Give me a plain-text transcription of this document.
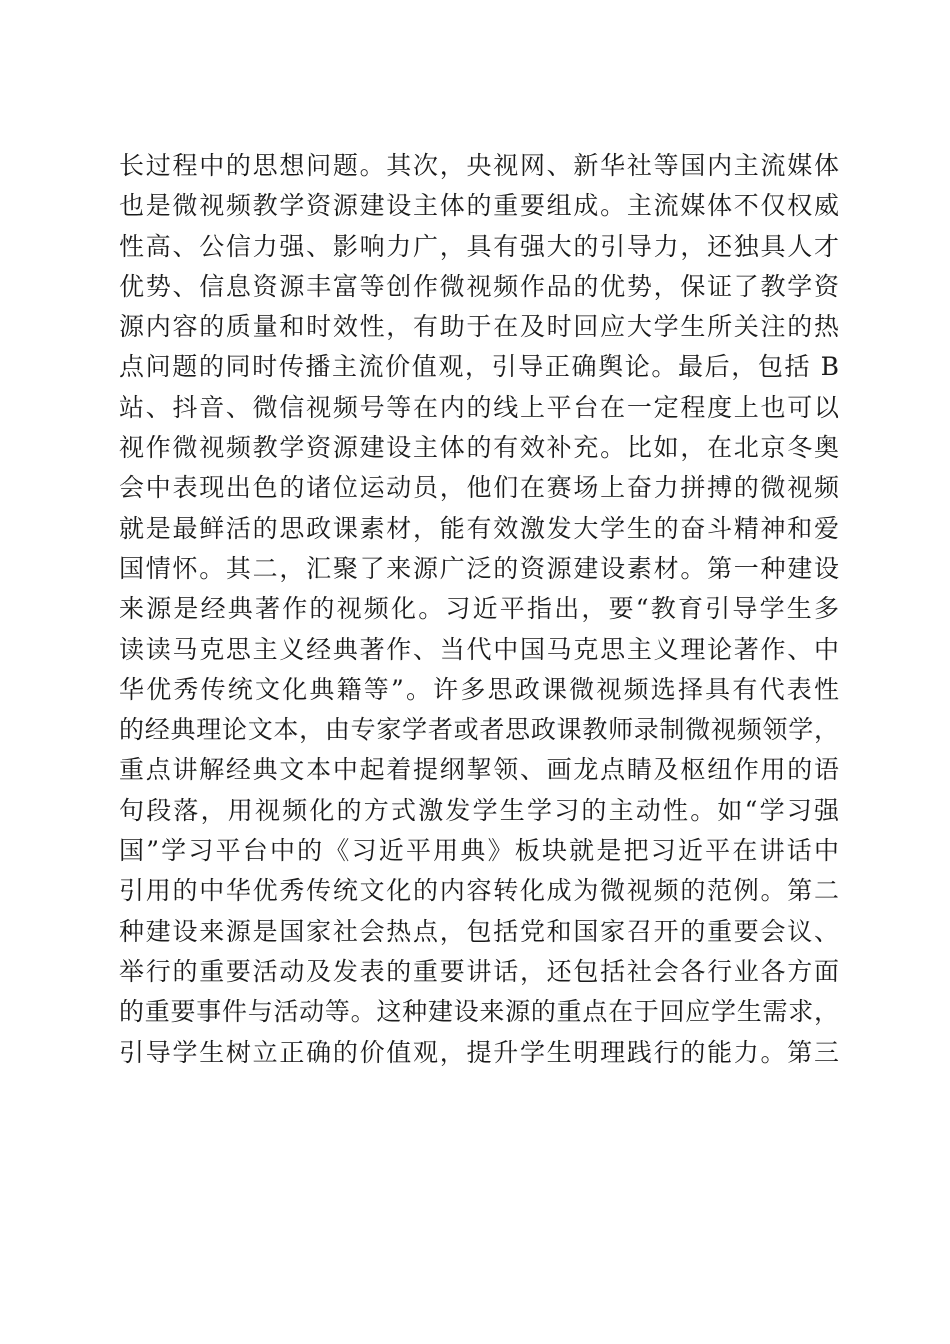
长过程中的思想问题。其次，央视网、新华社等国内主流媒体
也是微视频教学资源建设主体的重要组成。主流媒体不仅权威
性高、公信力强、影响力广，具有强大的引导力，还独具人才
优势、信息资源丰富等创作微视频作品的优势，保证了教学资
源内容的质量和时效性，有助于在及时回应大学生所关注的热
点问题的同时传播主流价值观，引导正确舆论。最后，包括 B
站、抖音、微信视频号等在内的线上平台在一定程度上也可以
视作微视频教学资源建设主体的有效补充。比如，在北京冬奥
会中表现出色的诸位运动员，他们在赛场上奋力拼搏的微视频
就是最鲜活的思政课素材，能有效激发大学生的奋斗精神和爱
国情怀。其二，汇聚了来源广泛的资源建设素材。第一种建设
来源是经典著作的视频化。习近平指出，要“教育引导学生多
读读马克思主义经典著作、当代中国马克思主义理论著作、中
华优秀传统文化典籍等”。许多思政课微视频选择具有代表性
的经典理论文本，由专家学者或者思政课教师录制微视频领学，
重点讲解经典文本中起着提纲挈领、画龙点睛及枢纽作用的语
句段落，用视频化的方式激发学生学习的主动性。如“学习强
国”学习平台中的《习近平用典》板块就是把习近平在讲话中
引用的中华优秀传统文化的内容转化成为微视频的范例。第二
种建设来源是国家社会热点，包括党和国家召开的重要会议、
举行的重要活动及发表的重要讲话，还包括社会各行业各方面
的重要事件与活动等。这种建设来源的重点在于回应学生需求，
引导学生树立正确的价值观，提升学生明理践行的能力。第三
